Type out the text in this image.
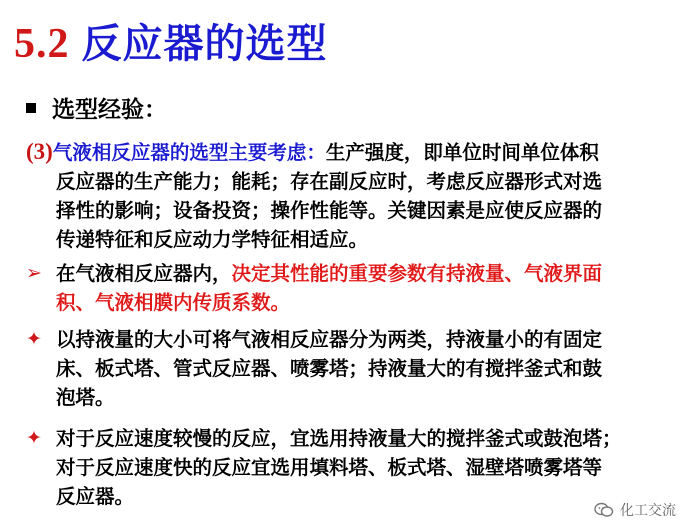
5.2 反应器的选型
选型经验：
(3)气液相反应器的选型主要考虑：生产强度，即单位时间单位体积
反应器的生产能力；能耗；存在副反应时，考虑反应器形式对选
择性的影响；设备投资；操作性能等。关键因素是应使反应器的
传递特征和反应动力学特征相适应。
➢ 在气液相反应器内，决定其性能的重要参数有持液量、气液界面
积、气液相膜内传质系数。
✦ 以持液量的大小可将气液相反应器分为两类，持液量小的有固定
床、板式塔、管式反应器、喷雾塔；持液量大的有搅拌釜式和鼓
泡塔。
✦ 对于反应速度较慢的反应，宜选用持液量大的搅拌釜式或鼓泡塔；
对于反应速度快的反应宜选用填料塔、板式塔、湿壁塔喷雾塔等
反应器。
化工交流
